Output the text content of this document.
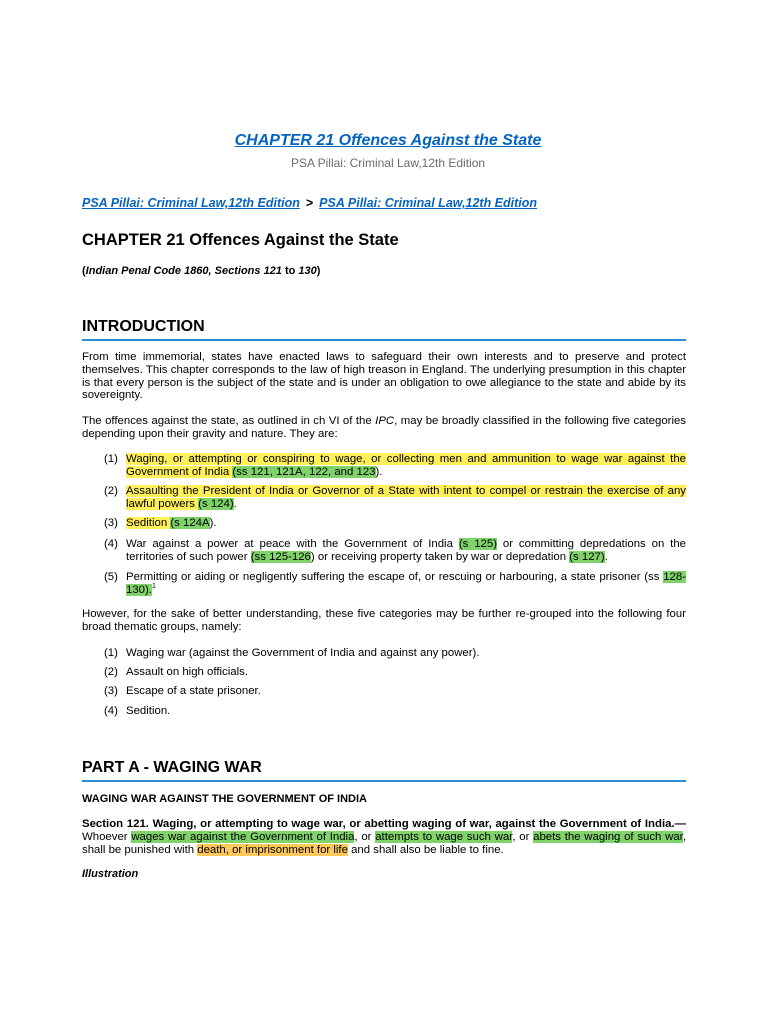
CHAPTER 21 Offences Against the State
PSA Pillai: Criminal Law,12th Edition
PSA Pillai: Criminal Law,12th Edition > PSA Pillai: Criminal Law,12th Edition
CHAPTER 21 Offences Against the State
(Indian Penal Code 1860, Sections 121 to 130)
INTRODUCTION
From time immemorial, states have enacted laws to safeguard their own interests and to preserve and protect themselves. This chapter corresponds to the law of high treason in England. The underlying presumption in this chapter is that every person is the subject of the state and is under an obligation to owe allegiance to the state and abide by its sovereignty.
The offences against the state, as outlined in ch VI of the IPC, may be broadly classified in the following five categories depending upon their gravity and nature. They are:
(1) Waging, or attempting or conspiring to wage, or collecting men and ammunition to wage war against the Government of India (ss 121, 121A, 122, and 123).
(2) Assaulting the President of India or Governor of a State with intent to compel or restrain the exercise of any lawful powers (s 124).
(3) Sedition (s 124A).
(4) War against a power at peace with the Government of India (s 125) or committing depredations on the territories of such power (ss 125-126) or receiving property taken by war or depredation (s 127).
(5) Permitting or aiding or negligently suffering the escape of, or rescuing or harbouring, a state prisoner (ss 128-130).$^1$
However, for the sake of better understanding, these five categories may be further re-grouped into the following four broad thematic groups, namely:
(1) Waging war (against the Government of India and against any power).
(2) Assault on high officials.
(3) Escape of a state prisoner.
(4) Sedition.
PART A - WAGING WAR
WAGING WAR AGAINST THE GOVERNMENT OF INDIA
Section 121. Waging, or attempting to wage war, or abetting waging of war, against the Government of India.— Whoever wages war against the Government of India, or attempts to wage such war, or abets the waging of such war, shall be punished with death, or imprisonment for life and shall also be liable to fine.
Illustration
